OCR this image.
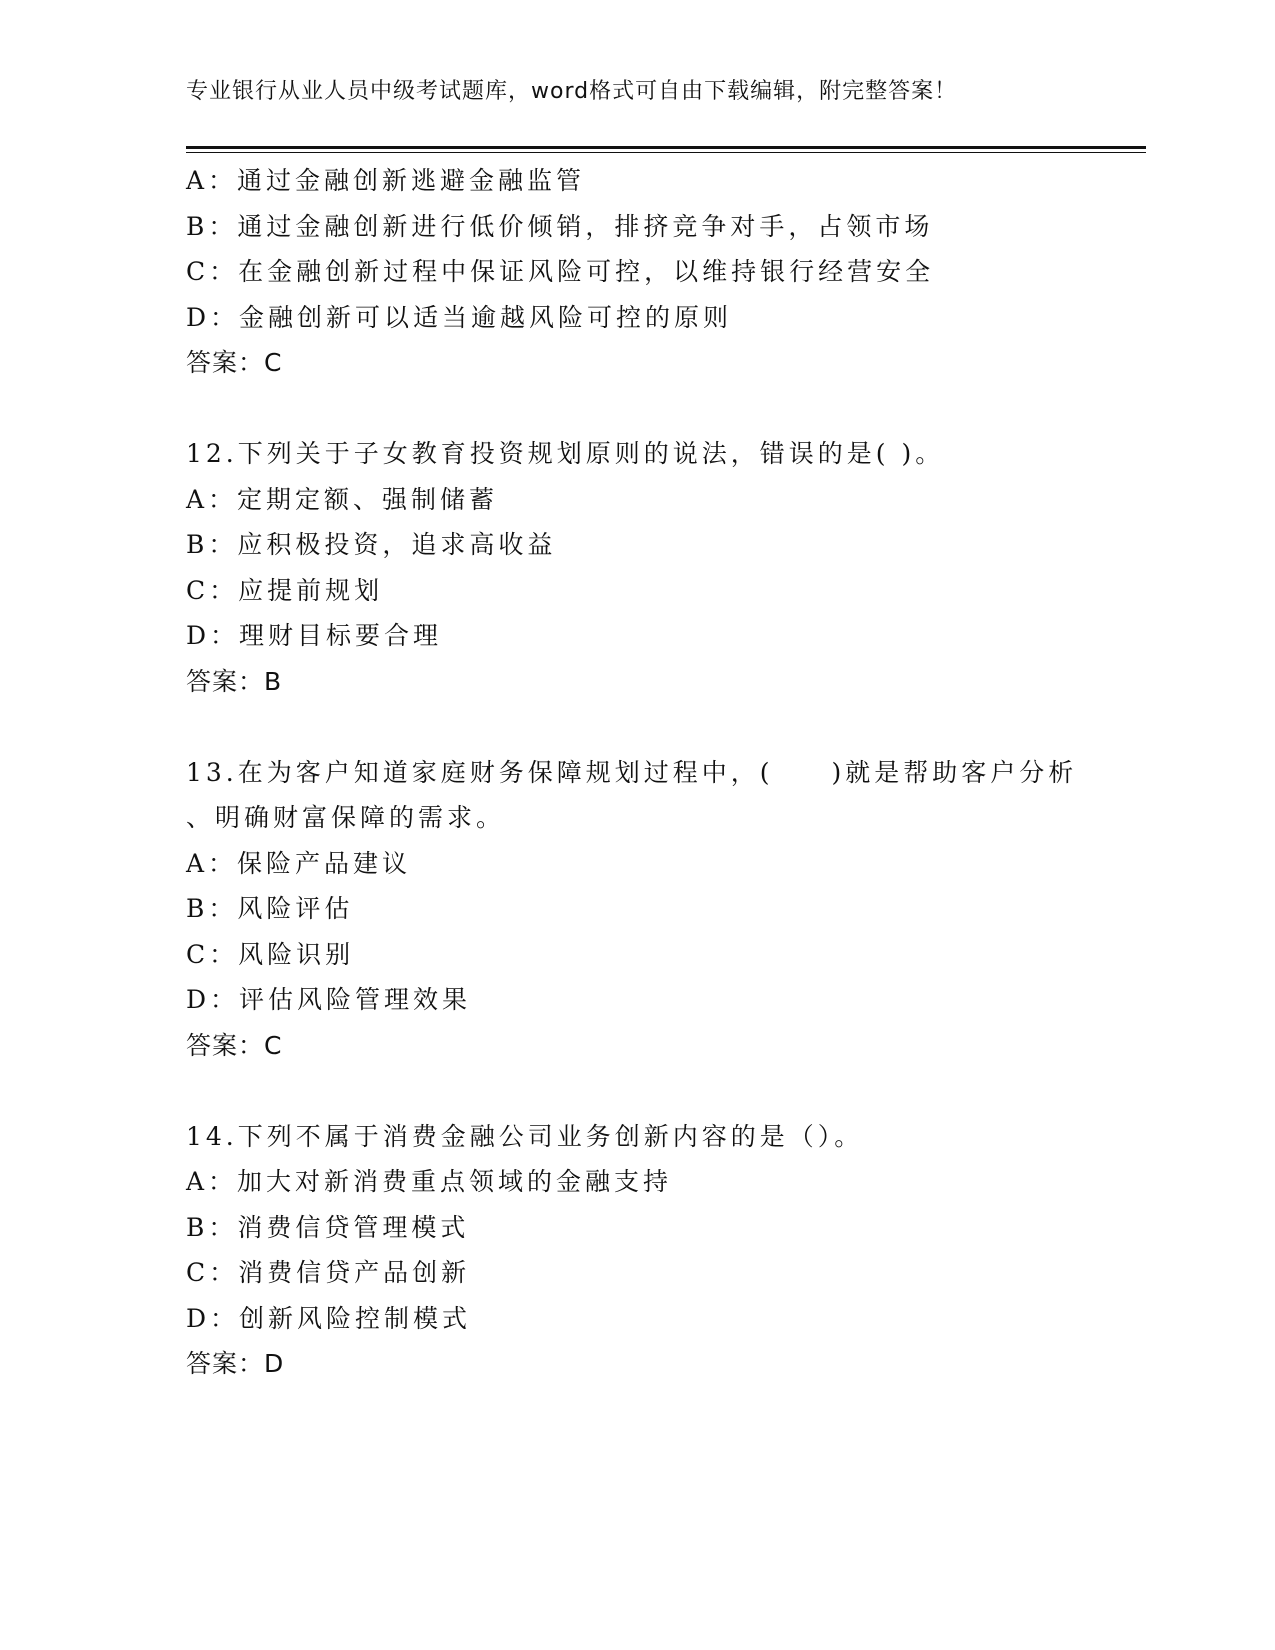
专业银行从业人员中级考试题库，word格式可自由下载编辑，附完整答案！
A：通过金融创新逃避金融监管
B：通过金融创新进行低价倾销，排挤竞争对手，占领市场
C：在金融创新过程中保证风险可控，以维持银行经营安全
D：金融创新可以适当逾越风险可控的原则
答案：C
12.下列关于子女教育投资规划原则的说法，错误的是( )。
A：定期定额、强制储蓄
B：应积极投资，追求高收益
C：应提前规划
D：理财目标要合理
答案：B
13.在为客户知道家庭财务保障规划过程中，(　　)就是帮助客户分析
、明确财富保障的需求。
A：保险产品建议
B：风险评估
C：风险识别
D：评估风险管理效果
答案：C
14.下列不属于消费金融公司业务创新内容的是（）。
A：加大对新消费重点领域的金融支持
B：消费信贷管理模式
C：消费信贷产品创新
D：创新风险控制模式
答案：D
